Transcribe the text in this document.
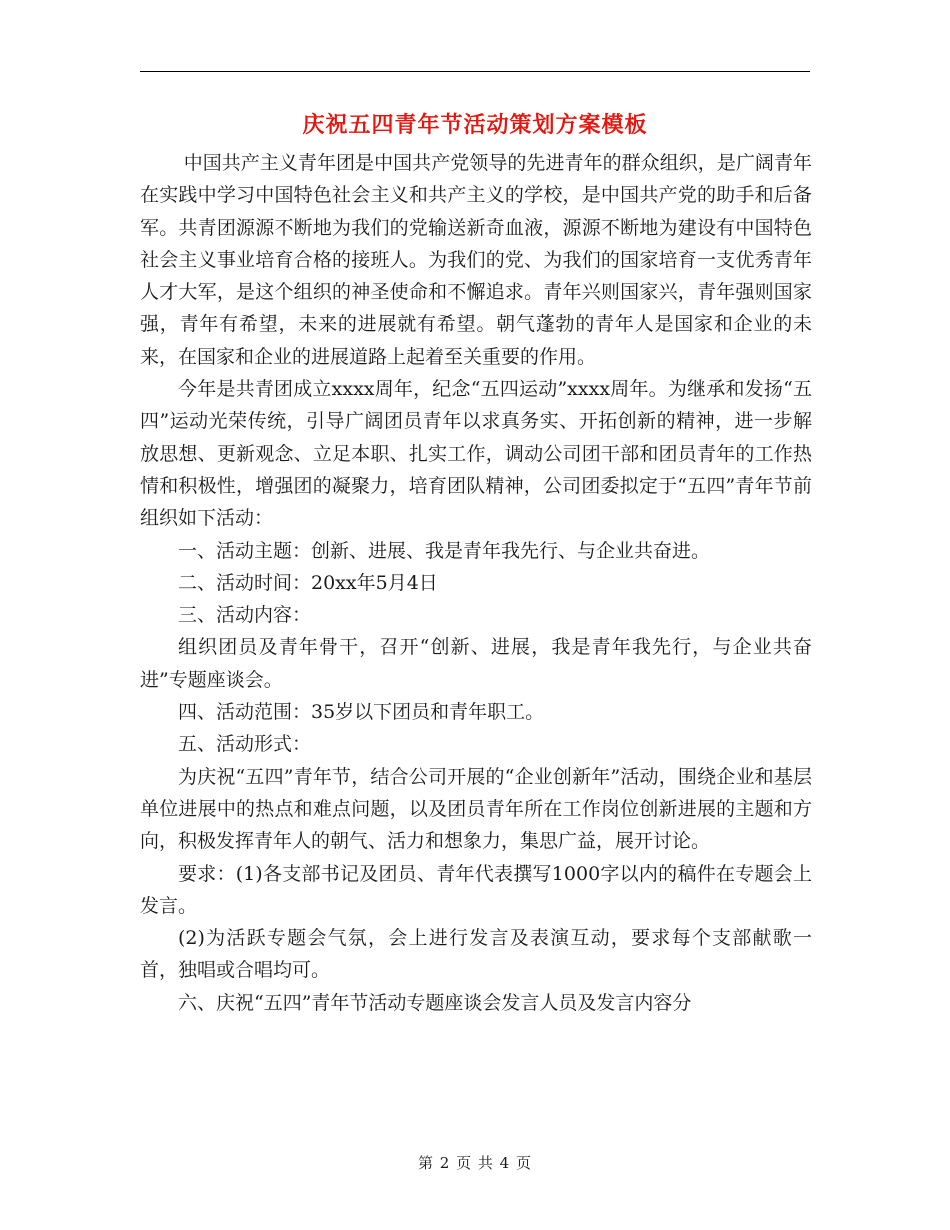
庆祝五四青年节活动策划方案模板

中国共产主义青年团是中国共产党领导的先进青年的群众组织，是广阔青年在实践中学习中国特色社会主义和共产主义的学校，是中国共产党的助手和后备军。共青团源源不断地为我们的党输送新奇血液，源源不断地为建设有中国特色社会主义事业培育合格的接班人。为我们的党、为我们的国家培育一支优秀青年人才大军，是这个组织的神圣使命和不懈追求。青年兴则国家兴，青年强则国家强，青年有希望，未来的进展就有希望。朝气蓬勃的青年人是国家和企业的未来，在国家和企业的进展道路上起着至关重要的作用。

今年是共青团成立xxxx周年，纪念“五四运动”xxxx周年。为继承和发扬“五四”运动光荣传统，引导广阔团员青年以求真务实、开拓创新的精神，进一步解放思想、更新观念、立足本职、扎实工作，调动公司团干部和团员青年的工作热情和积极性，增强团的凝聚力，培育团队精神，公司团委拟定于“五四”青年节前组织如下活动：

一、活动主题：创新、进展、我是青年我先行、与企业共奋进。

二、活动时间：20xx年5月4日

三、活动内容：

组织团员及青年骨干，召开“创新、进展，我是青年我先行，与企业共奋进”专题座谈会。

四、活动范围：35岁以下团员和青年职工。

五、活动形式：

为庆祝“五四”青年节，结合公司开展的“企业创新年”活动，围绕企业和基层单位进展中的热点和难点问题，以及团员青年所在工作岗位创新进展的主题和方向，积极发挥青年人的朝气、活力和想象力，集思广益，展开讨论。

要求：(1)各支部书记及团员、青年代表撰写1000字以内的稿件在专题会上发言。

(2)为活跃专题会气氛，会上进行发言及表演互动，要求每个支部献歌一首，独唱或合唱均可。

六、庆祝“五四”青年节活动专题座谈会发言人员及发言内容分

第 2 页 共 4 页
